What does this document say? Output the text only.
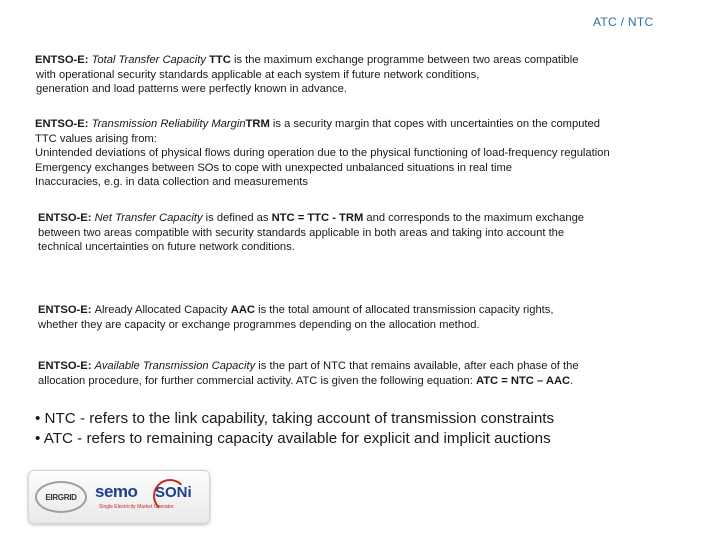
ATC / NTC
ENTSO-E: Total Transfer Capacity TTC is the maximum exchange programme between two areas compatible
with operational security standards applicable at each system if future network conditions,
generation and load patterns were perfectly known in advance.
ENTSO-E: Transmission Reliability MarginTRM is a security margin that copes with uncertainties on the computed
TTC values arising from:
Unintended deviations of physical flows during operation due to the physical functioning of load-frequency regulation
Emergency exchanges between SOs to cope with unexpected unbalanced situations in real time
Inaccuracies, e.g. in data collection and measurements
ENTSO-E: Net Transfer Capacity is defined as NTC = TTC - TRM and corresponds to the maximum exchange
between two areas compatible with security standards applicable in both areas and taking into account the
technical uncertainties on future network conditions.
ENTSO-E: Already Allocated Capacity AAC is the total amount of allocated transmission capacity rights,
whether they are capacity or exchange programmes depending on the allocation method.
ENTSO-E: Available Transmission Capacity is the part of NTC that remains available, after each phase of the
allocation procedure, for further commercial activity. ATC is given the following equation: ATC = NTC – AAC.
• NTC - refers to the link capability, taking account of transmission constraints
• ATC - refers to remaining capacity available for explicit and implicit auctions
EIRGRID	semo
Single Electricity Market Operator
SONi
